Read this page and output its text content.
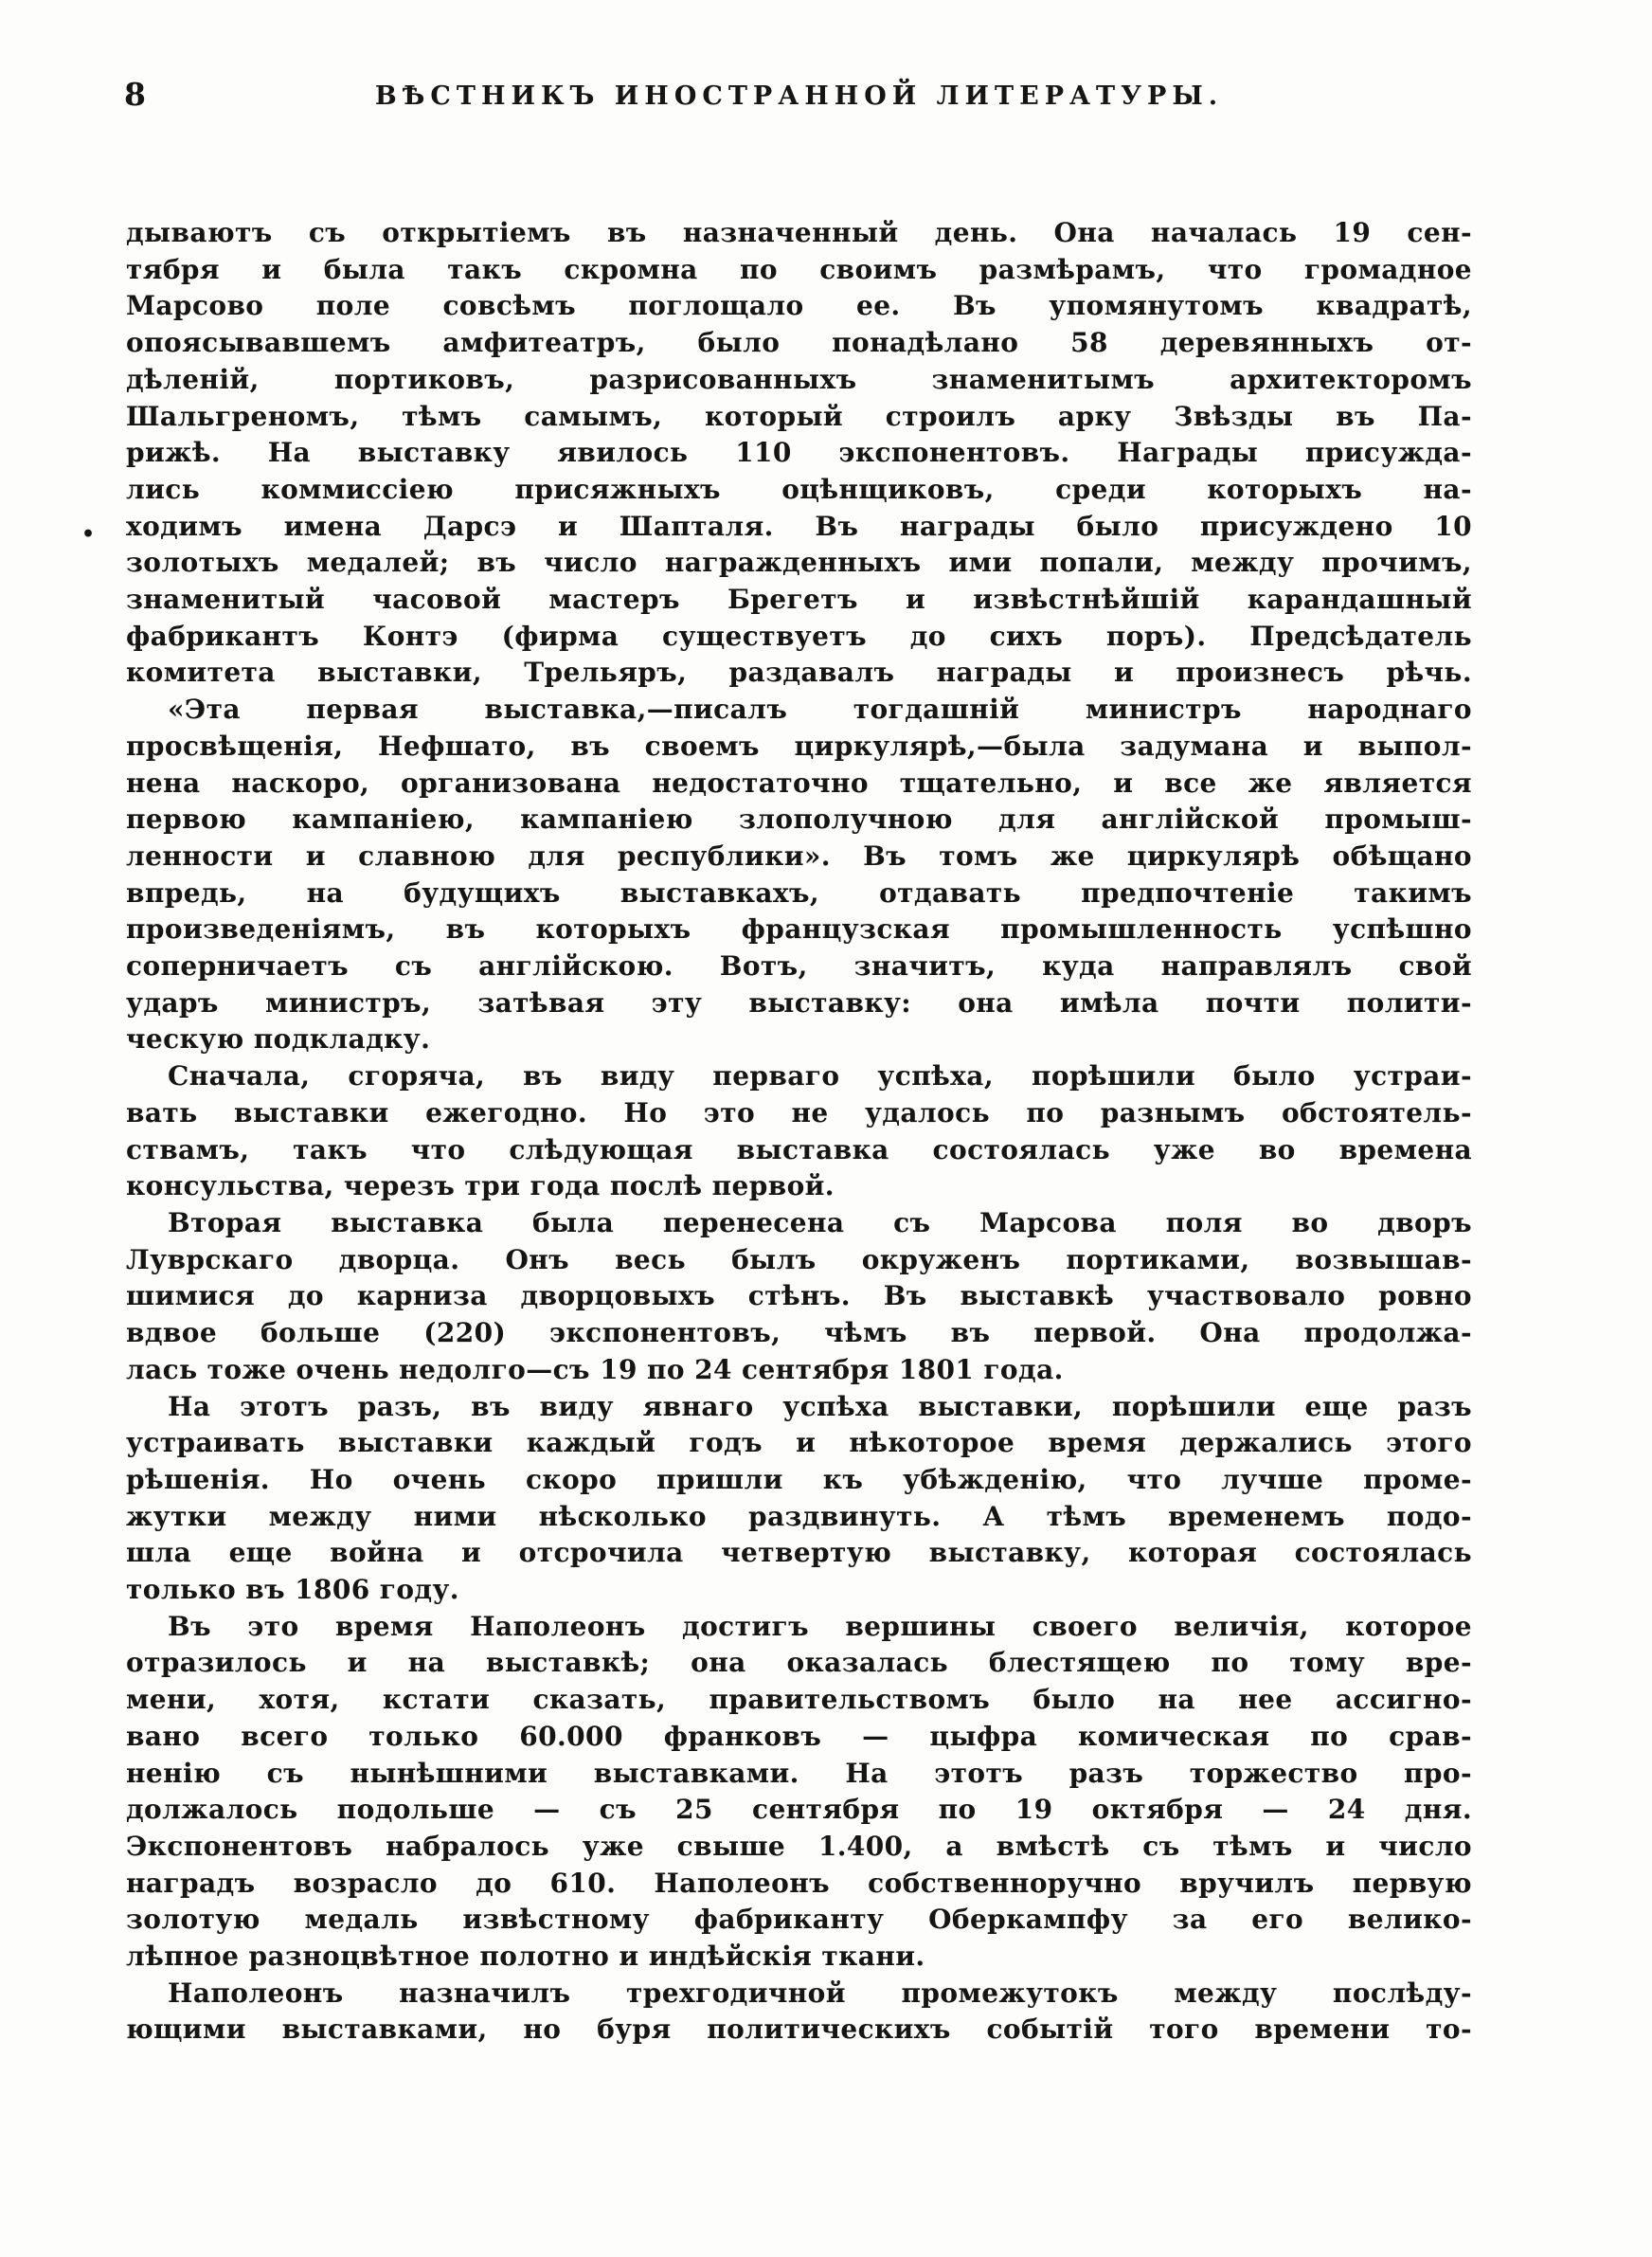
8	ВѢСТНИКЪ ИНОСТРАННОЙ ЛИТЕРАТУРЫ.
•
дываютъ съ открытіемъ въ назначенный день. Она началась 19 сен-
тября и была такъ скромна по своимъ размѣрамъ, что громадное
Марсово поле совсѣмъ поглощало ее. Въ упомянутомъ квадратѣ,
опоясывавшемъ амфитеатръ, было понадѣлано 58 деревянныхъ от-
дѣленій, портиковъ, разрисованныхъ знаменитымъ архитекторомъ
Шальгреномъ, тѣмъ самымъ, который строилъ арку Звѣзды въ Па-
рижѣ. На выставку явилось 110 экспонентовъ. Награды присужда-
лись коммиссіею присяжныхъ оцѣнщиковъ, среди которыхъ на-
ходимъ имена Дарсэ и Шапталя. Въ награды было присуждено 10
золотыхъ медалей; въ число награжденныхъ ими попали, между прочимъ,
знаменитый часовой мастеръ Брегетъ и извѣстнѣйшій карандашный
фабрикантъ Контэ (фирма существуетъ до сихъ поръ). Предсѣдатель
комитета выставки, Трельяръ, раздавалъ награды и произнесъ рѣчь.
«Эта первая выставка,—писалъ тогдашній министръ народнаго
просвѣщенія, Нефшато, въ своемъ циркулярѣ,—была задумана и выпол-
нена наскоро, организована недостаточно тщательно, и все же является
первою кампаніею, кампаніею злополучною для англійской промыш-
ленности и славною для республики». Въ томъ же циркулярѣ обѣщано
впредь, на будущихъ выставкахъ, отдавать предпочтеніе такимъ
произведеніямъ, въ которыхъ французская промышленность успѣшно
соперничаетъ съ англійскою. Вотъ, значитъ, куда направлялъ свой
ударъ министръ, затѣвая эту выставку: она имѣла почти полити-
ческую подкладку.
Сначала, сгоряча, въ виду перваго успѣха, порѣшили было устраи-
вать выставки ежегодно. Но это не удалось по разнымъ обстоятель-
ствамъ, такъ что слѣдующая выставка состоялась уже во времена
консульства, черезъ три года послѣ первой.
Вторая выставка была перенесена съ Марсова поля во дворъ
Луврскаго дворца. Онъ весь былъ окруженъ портиками, возвышав-
шимися до карниза дворцовыхъ стѣнъ. Въ выставкѣ участвовало ровно
вдвое больше (220) экспонентовъ, чѣмъ въ первой. Она продолжа-
лась тоже очень недолго—съ 19 по 24 сентября 1801 года.
На этотъ разъ, въ виду явнаго успѣха выставки, порѣшили еще разъ
устраивать выставки каждый годъ и нѣкоторое время держались этого
рѣшенія. Но очень скоро пришли къ убѣжденію, что лучше проме-
жутки между ними нѣсколько раздвинуть. А тѣмъ временемъ подо-
шла еще война и отсрочила четвертую выставку, которая состоялась
только въ 1806 году.
Въ это время Наполеонъ достигъ вершины своего величія, которое
отразилось и на выставкѣ; она оказалась блестящею по тому вре-
мени, хотя, кстати сказать, правительствомъ было на нее ассигно-
вано всего только 60.000 франковъ — цыфра комическая по срав-
ненію съ нынѣшними выставками. На этотъ разъ торжество про-
должалось подольше — съ 25 сентября по 19 октября — 24 дня.
Экспонентовъ набралось уже свыше 1.400, а вмѣстѣ съ тѣмъ и число
наградъ возрасло до 610. Наполеонъ собственноручно вручилъ первую
золотую медаль извѣстному фабриканту Оберкампфу за его велико-
лѣпное разноцвѣтное полотно и индѣйскія ткани.
Наполеонъ назначилъ трехгодичной промежутокъ между послѣду-
ющими выставками, но буря политическихъ событій того времени то-
